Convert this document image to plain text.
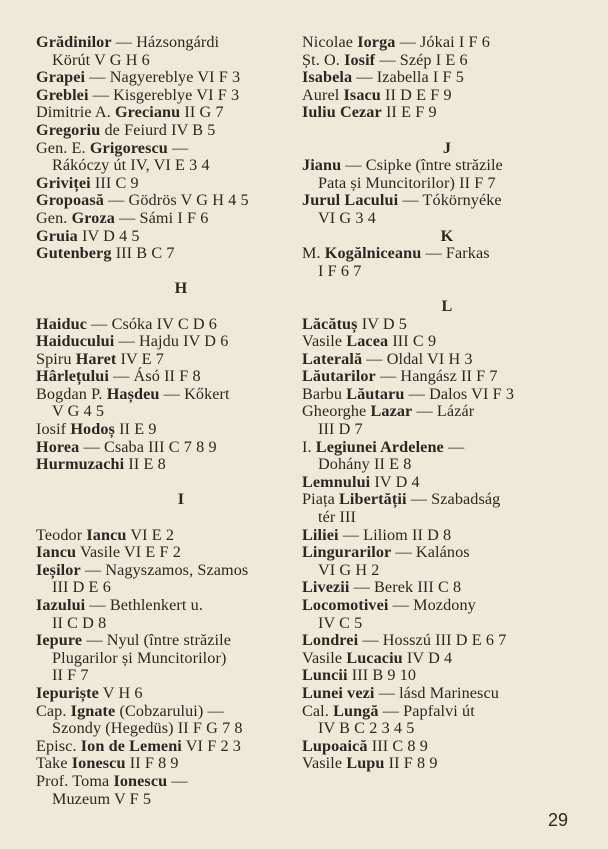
Grădinilor — Házsongárdi
Körút V G H 6
Grapei — Nagyereblye VI F 3
Greblei — Kisgereblye VI F 3
Dimitrie A. Grecianu II G 7
Gregoriu de Feiurd IV B 5
Gen. E. Grigorescu —
Rákóczy út IV, VI E 3 4
Griviței III C 9
Gropoasă — Gödrös V G H 4 5
Gen. Groza — Sámi I F 6
Gruia IV D 4 5
Gutenberg III B C 7
H
Haiduc — Csóka IV C D 6
Haiducului — Hajdu IV D 6
Spiru Haret IV E 7
Hârlețului — Ásó II F 8
Bogdan P. Hașdeu — Kőkert
V G 4 5
Iosif Hodoș II E 9
Horea — Csaba III C 7 8 9
Hurmuzachi II E 8
I
Teodor Iancu VI E 2
Iancu Vasile VI E F 2
Ieșilor — Nagyszamos, Szamos
III D E 6
Iazului — Bethlenkert u.
II C D 8
Iepure — Nyul (între străzile
Plugarilor și Muncitorilor)
II F 7
Iepuriște V H 6
Cap. Ignate (Cobzarului) —
Szondy (Hegedüs) II F G 7 8
Episc. Ion de Lemeni VI F 2 3
Take Ionescu II F 8 9
Prof. Toma Ionescu —
Muzeum V F 5
Nicolae Iorga — Jókai I F 6
Șt. O. Iosif — Szép I E 6
Isabela — Izabella I F 5
Aurel Isacu II D E F 9
Iuliu Cezar II E F 9
J
Jianu — Csipke (între străzile
Pata și Muncitorilor) II F 7
Jurul Lacului — Tókörnyéke
VI G 3 4
K
M. Kogălniceanu — Farkas
I F 6 7
L
Lăcătuș IV D 5
Vasile Lacea III C 9
Laterală — Oldal VI H 3
Lăutarilor — Hangász II F 7
Barbu Lăutaru — Dalos VI F 3
Gheorghe Lazar — Lázár
III D 7
I. Legiunei Ardelene —
Dohány II E 8
Lemnului IV D 4
Piața Libertății — Szabadság
tér III
Liliei — Liliom II D 8
Lingurarilor — Kalános
VI G H 2
Livezii — Berek III C 8
Locomotivei — Mozdony
IV C 5
Londrei — Hosszú III D E 6 7
Vasile Lucaciu IV D 4
Luncii III B 9 10
Lunei vezi — lásd Marinescu
Cal. Lungă — Papfalvi út
IV B C 2 3 4 5
Lupoaică III C 8 9
Vasile Lupu II F 8 9
29
